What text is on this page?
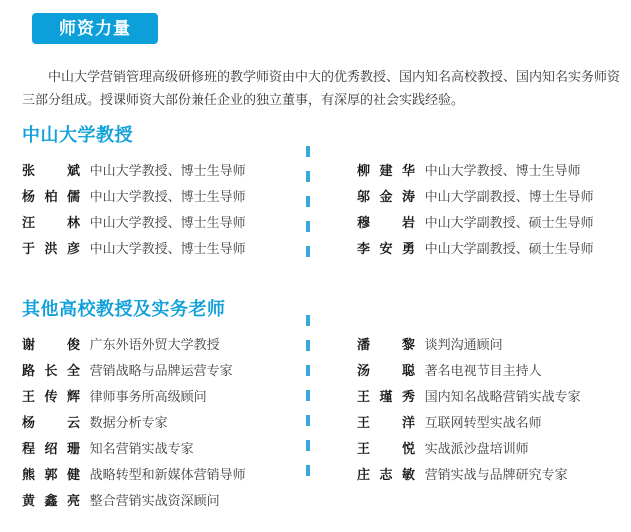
师资力量

中山大学营销管理高级研修班的教学师资由中大的优秀教授、国内知名高校教授、国内知名实务师资三部分组成。授课师资大部份兼任企业的独立董事，有深厚的社会实践经验。

中山大学教授
张斌 中山大学教授、博士生导师
杨柏儒 中山大学教授、博士生导师
汪林 中山大学教授、博士生导师
于洪彦 中山大学教授、博士生导师
柳建华 中山大学教授、博士生导师
邬金涛 中山大学副教授、博士生导师
穆岩 中山大学副教授、硕士生导师
李安勇 中山大学副教授、硕士生导师
其他高校教授及实务老师
谢俊 广东外语外贸大学教授
路长全 营销战略与品牌运营专家
王传辉 律师事务所高级顾问
杨云 数据分析专家
程绍珊 知名营销实战专家
熊郭健 战略转型和新媒体营销导师
黄鑫亮 整合营销实战资深顾问
潘黎 谈判沟通顾问
汤聪 著名电视节目主持人
王瑾秀 国内知名战略营销实战专家
王洋 互联网转型实战名师
王悦 实战派沙盘培训师
庄志敏 营销实战与品牌研究专家
